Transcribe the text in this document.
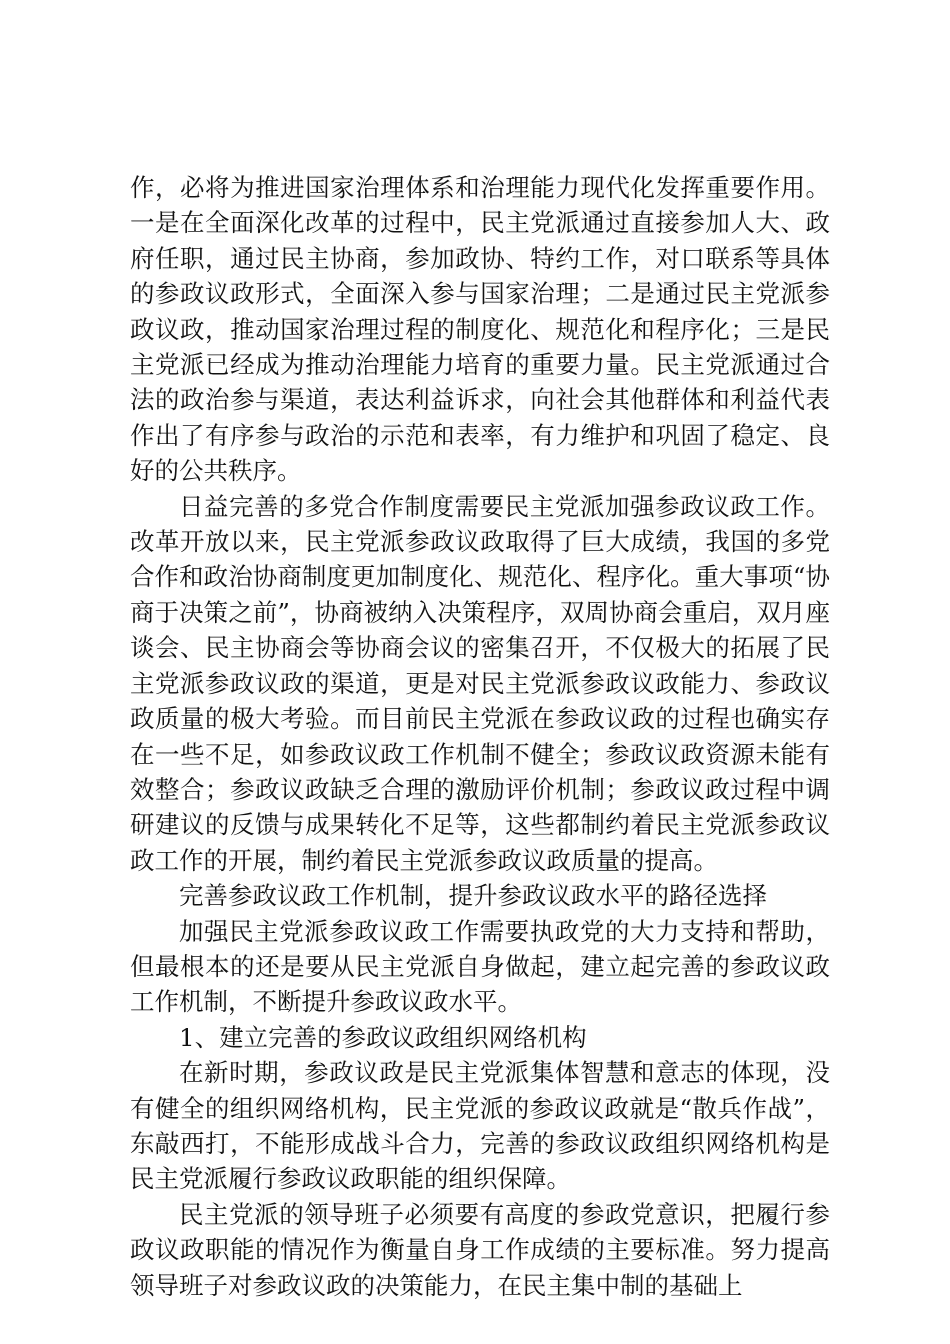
作，必将为推进国家治理体系和治理能力现代化发挥重要作用。一是在全面深化改革的过程中，民主党派通过直接参加人大、政府任职，通过民主协商，参加政协、特约工作，对口联系等具体的参政议政形式，全面深入参与国家治理；二是通过民主党派参政议政，推动国家治理过程的制度化、规范化和程序化；三是民主党派已经成为推动治理能力培育的重要力量。民主党派通过合法的政治参与渠道，表达利益诉求，向社会其他群体和利益代表作出了有序参与政治的示范和表率，有力维护和巩固了稳定、良好的公共秩序。

日益完善的多党合作制度需要民主党派加强参政议政工作。改革开放以来，民主党派参政议政取得了巨大成绩，我国的多党合作和政治协商制度更加制度化、规范化、程序化。重大事项“协商于决策之前”，协商被纳入决策程序，双周协商会重启，双月座谈会、民主协商会等协商会议的密集召开，不仅极大的拓展了民主党派参政议政的渠道，更是对民主党派参政议政能力、参政议政质量的极大考验。而目前民主党派在参政议政的过程也确实存在一些不足，如参政议政工作机制不健全；参政议政资源未能有效整合；参政议政缺乏合理的激励评价机制；参政议政过程中调研建议的反馈与成果转化不足等，这些都制约着民主党派参政议政工作的开展，制约着民主党派参政议政质量的提高。

完善参政议政工作机制，提升参政议政水平的路径选择

加强民主党派参政议政工作需要执政党的大力支持和帮助，但最根本的还是要从民主党派自身做起，建立起完善的参政议政工作机制，不断提升参政议政水平。

1、建立完善的参政议政组织网络机构

在新时期，参政议政是民主党派集体智慧和意志的体现，没有健全的组织网络机构，民主党派的参政议政就是“散兵作战”，东敲西打，不能形成战斗合力，完善的参政议政组织网络机构是民主党派履行参政议政职能的组织保障。

民主党派的领导班子必须要有高度的参政党意识，把履行参政议政职能的情况作为衡量自身工作成绩的主要标准。努力提高领导班子对参政议政的决策能力，在民主集中制的基础上
